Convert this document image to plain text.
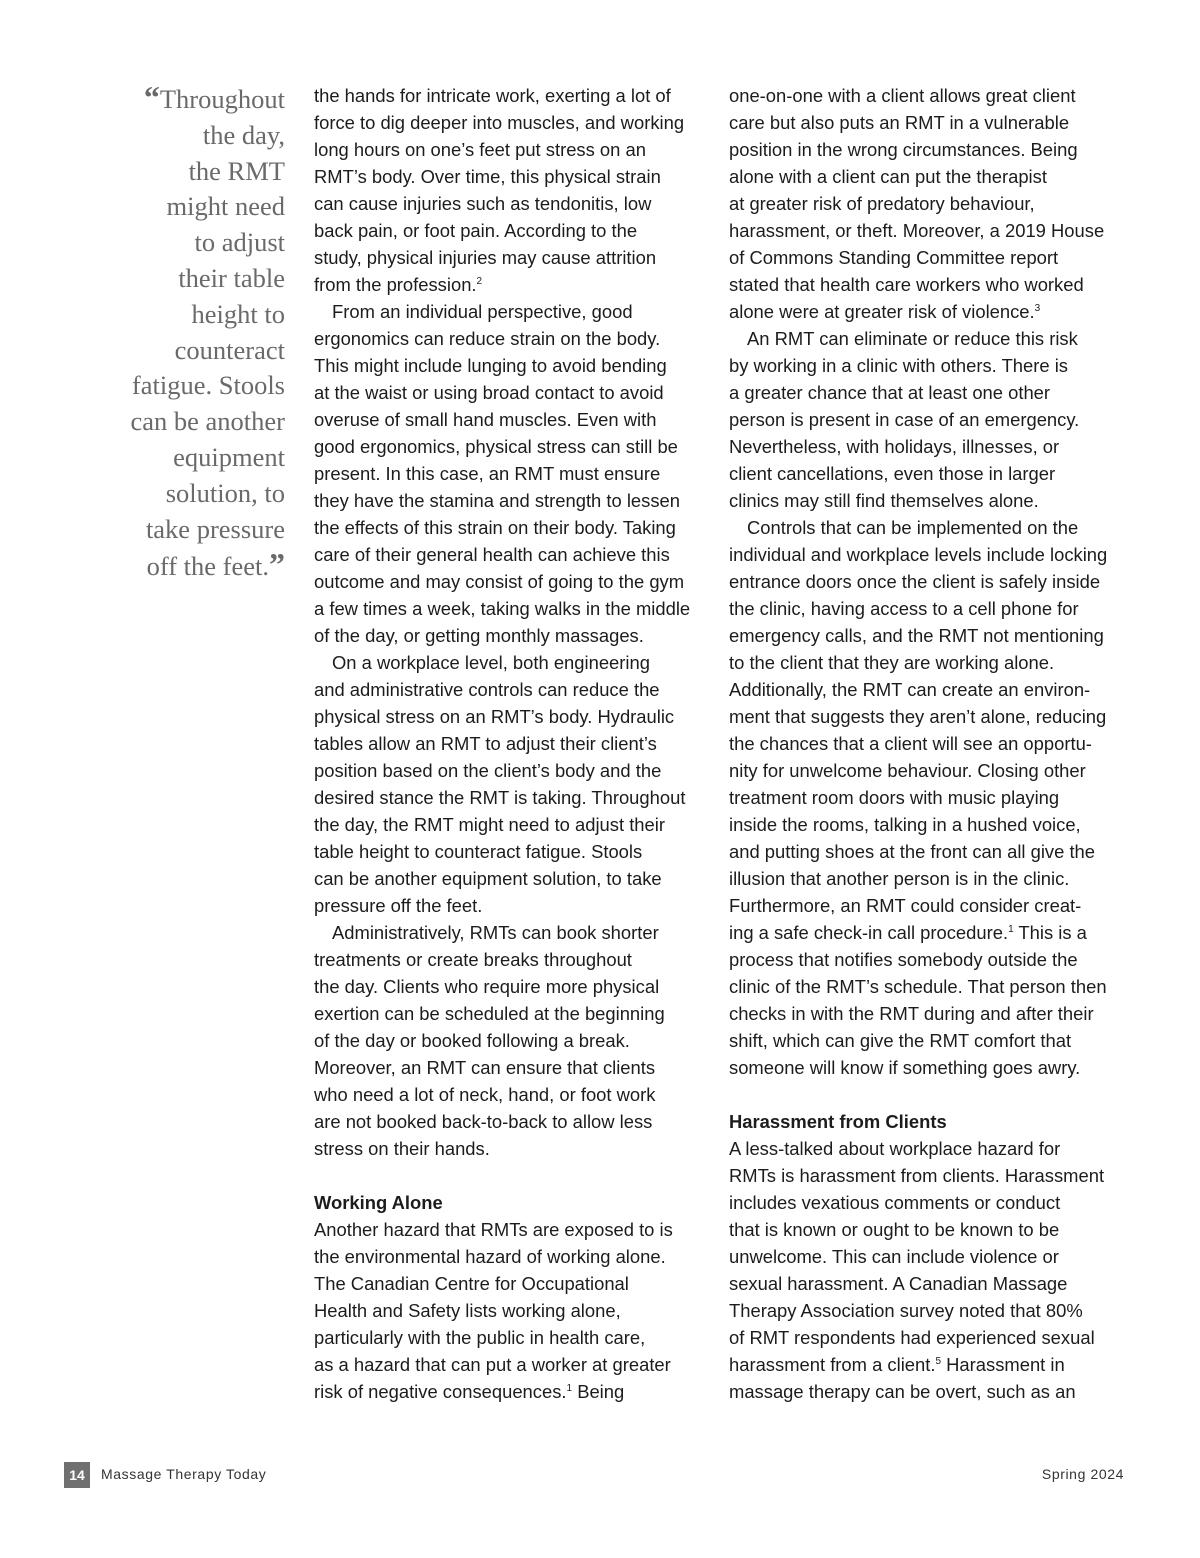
“Throughout
the day,
the RMT
might need
to adjust
their table
height to
counteract
fatigue. Stools
can be another
equipment
solution, to
take pressure
off the feet.”
the hands for intricate work, exerting a lot of
force to dig deeper into muscles, and working
long hours on one’s feet put stress on an
RMT’s body. Over time, this physical strain
can cause injuries such as tendonitis, low
back pain, or foot pain. According to the
study, physical injuries may cause attrition
from the profession.$^2$
From an individual perspective, good
ergonomics can reduce strain on the body.
This might include lunging to avoid bending
at the waist or using broad contact to avoid
overuse of small hand muscles. Even with
good ergonomics, physical stress can still be
present. In this case, an RMT must ensure
they have the stamina and strength to lessen
the effects of this strain on their body. Taking
care of their general health can achieve this
outcome and may consist of going to the gym
a few times a week, taking walks in the middle
of the day, or getting monthly massages.
On a workplace level, both engineering
and administrative controls can reduce the
physical stress on an RMT’s body. Hydraulic
tables allow an RMT to adjust their client’s
position based on the client’s body and the
desired stance the RMT is taking. Throughout
the day, the RMT might need to adjust their
table height to counteract fatigue. Stools
can be another equipment solution, to take
pressure off the feet.
Administratively, RMTs can book shorter
treatments or create breaks throughout
the day. Clients who require more physical
exertion can be scheduled at the beginning
of the day or booked following a break.
Moreover, an RMT can ensure that clients
who need a lot of neck, hand, or foot work
are not booked back-to-back to allow less
stress on their hands.
Working Alone
Another hazard that RMTs are exposed to is
the environmental hazard of working alone.
The Canadian Centre for Occupational
Health and Safety lists working alone,
particularly with the public in health care,
as a hazard that can put a worker at greater
risk of negative consequences.$^1$ Being
one-on-one with a client allows great client
care but also puts an RMT in a vulnerable
position in the wrong circumstances. Being
alone with a client can put the therapist
at greater risk of predatory behaviour,
harassment, or theft. Moreover, a 2019 House
of Commons Standing Committee report
stated that health care workers who worked
alone were at greater risk of violence.$^3$
An RMT can eliminate or reduce this risk
by working in a clinic with others. There is
a greater chance that at least one other
person is present in case of an emergency.
Nevertheless, with holidays, illnesses, or
client cancellations, even those in larger
clinics may still find themselves alone.
Controls that can be implemented on the
individual and workplace levels include locking
entrance doors once the client is safely inside
the clinic, having access to a cell phone for
emergency calls, and the RMT not mentioning
to the client that they are working alone.
Additionally, the RMT can create an environ-
ment that suggests they aren’t alone, reducing
the chances that a client will see an opportu-
nity for unwelcome behaviour. Closing other
treatment room doors with music playing
inside the rooms, talking in a hushed voice,
and putting shoes at the front can all give the
illusion that another person is in the clinic.
Furthermore, an RMT could consider creat-
ing a safe check-in call procedure.$^1$ This is a
process that notifies somebody outside the
clinic of the RMT’s schedule. That person then
checks in with the RMT during and after their
shift, which can give the RMT comfort that
someone will know if something goes awry.
Harassment from Clients
A less-talked about workplace hazard for
RMTs is harassment from clients. Harassment
includes vexatious comments or conduct
that is known or ought to be known to be
unwelcome. This can include violence or
sexual harassment. A Canadian Massage
Therapy Association survey noted that 80%
of RMT respondents had experienced sexual
harassment from a client.$^5$ Harassment in
massage therapy can be overt, such as an
14	Massage Therapy Today	Spring 2024
